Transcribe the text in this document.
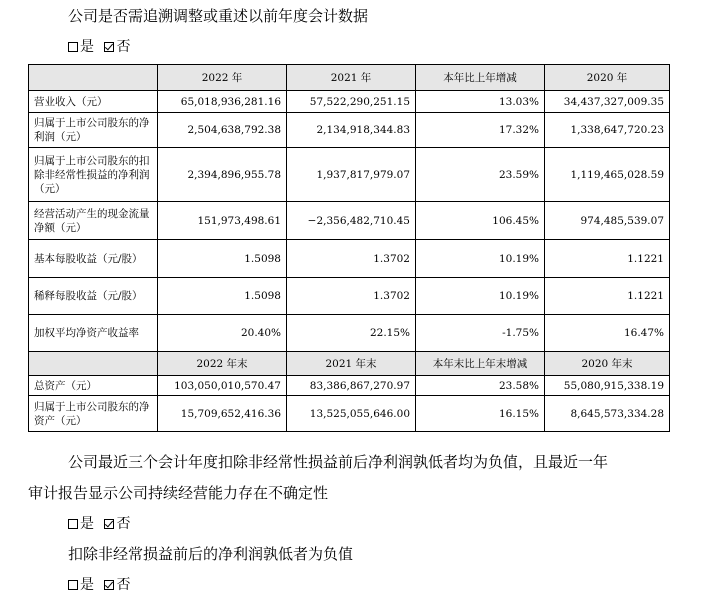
公司是否需追溯调整或重述以前年度会计数据
是 否
	2022 年	2021 年	本年比上年增减	2020 年
营业收入（元）	65,018,936,281.16	57,522,290,251.15	13.03%	34,437,327,009.35
归属于上市公司股东的净利润（元）	2,504,638,792.38	2,134,918,344.83	17.32%	1,338,647,720.23
归属于上市公司股东的扣除非经常性损益的净利润（元）	2,394,896,955.78	1,937,817,979.07	23.59%	1,119,465,028.59
经营活动产生的现金流量净额（元）	151,973,498.61	−2,356,482,710.45	106.45%	974,485,539.07
基本每股收益（元/股）	1.5098	1.3702	10.19%	1.1221
稀释每股收益（元/股）	1.5098	1.3702	10.19%	1.1221
加权平均净资产收益率	20.40%	22.15%	-1.75%	16.47%
	2022 年末	2021 年末	本年末比上年末增减	2020 年末
总资产（元）	103,050,010,570.47	83,386,867,270.97	23.58%	55,080,915,338.19
归属于上市公司股东的净资产（元）	15,709,652,416.36	13,525,055,646.00	16.15%	8,645,573,334.28
公司最近三个会计年度扣除非经常性损益前后净利润孰低者均为负值，且最近一年
审计报告显示公司持续经营能力存在不确定性
是 否
扣除非经常损益前后的净利润孰低者为负值
是 否
